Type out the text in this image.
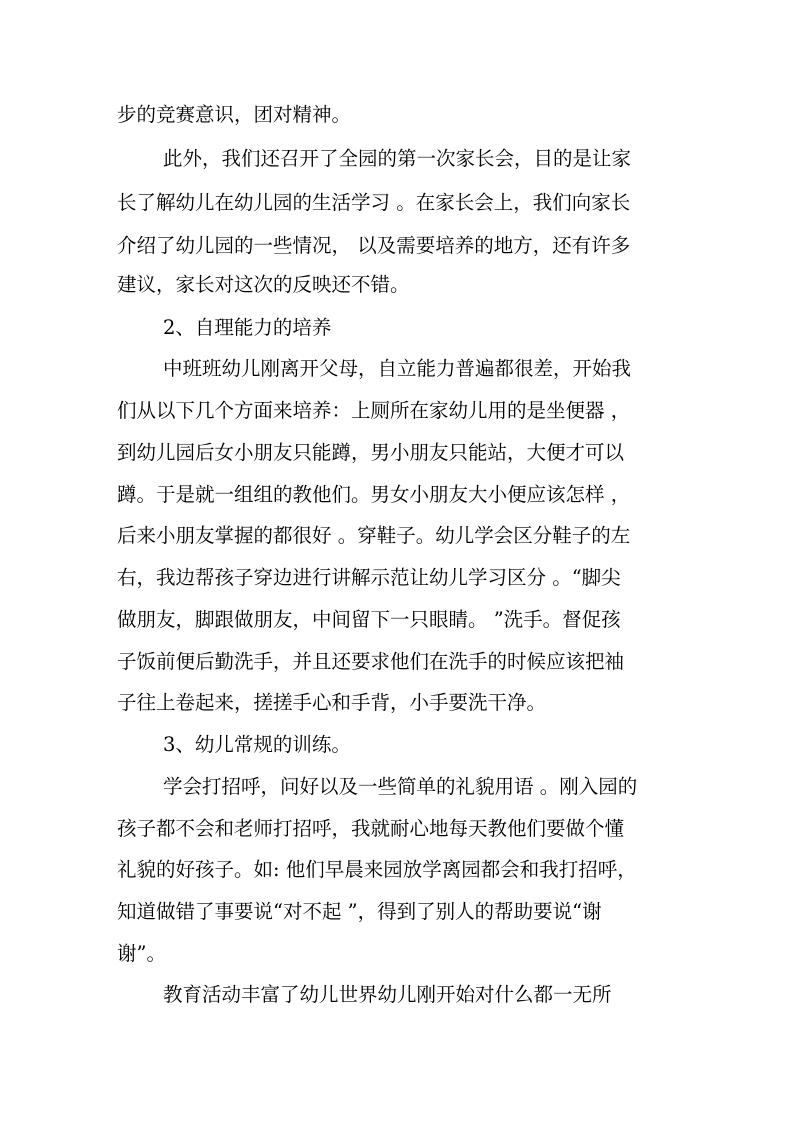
步的竞赛意识，团对精神。
此外，我们还召开了全园的第一次家长会，目的是让家
长了解幼儿在幼儿园的生活学习 。在家长会上，我们向家长
介绍了幼儿园的一些情况， 以及需要培养的地方，还有许多
建议，家长对这次的反映还不错。
2、自理能力的培养
中班班幼儿刚离开父母，自立能力普遍都很差，开始我
们从以下几个方面来培养：上厕所在家幼儿用的是坐便器 ，
到幼儿园后女小朋友只能蹲，男小朋友只能站，大便才可以
蹲。于是就一组组的教他们。男女小朋友大小便应该怎样 ，
后来小朋友掌握的都很好 。穿鞋子。幼儿学会区分鞋子的左
右，我边帮孩子穿边进行讲解示范让幼儿学习区分 。“脚尖
做朋友，脚跟做朋友，中间留下一只眼睛。 ”洗手。督促孩
子饭前便后勤洗手，并且还要求他们在洗手的时候应该把袖
子往上卷起来，搓搓手心和手背，小手要洗干净。
3、幼儿常规的训练。
学会打招呼，问好以及一些简单的礼貌用语 。刚入园的
孩子都不会和老师打招呼，我就耐心地每天教他们要做个懂
礼貌的好孩子。如: 他们早晨来园放学离园都会和我打招呼，
知道做错了事要说“对不起 ”，得到了别人的帮助要说“谢
谢”。
教育活动丰富了幼儿世界幼儿刚开始对什么都一无所
